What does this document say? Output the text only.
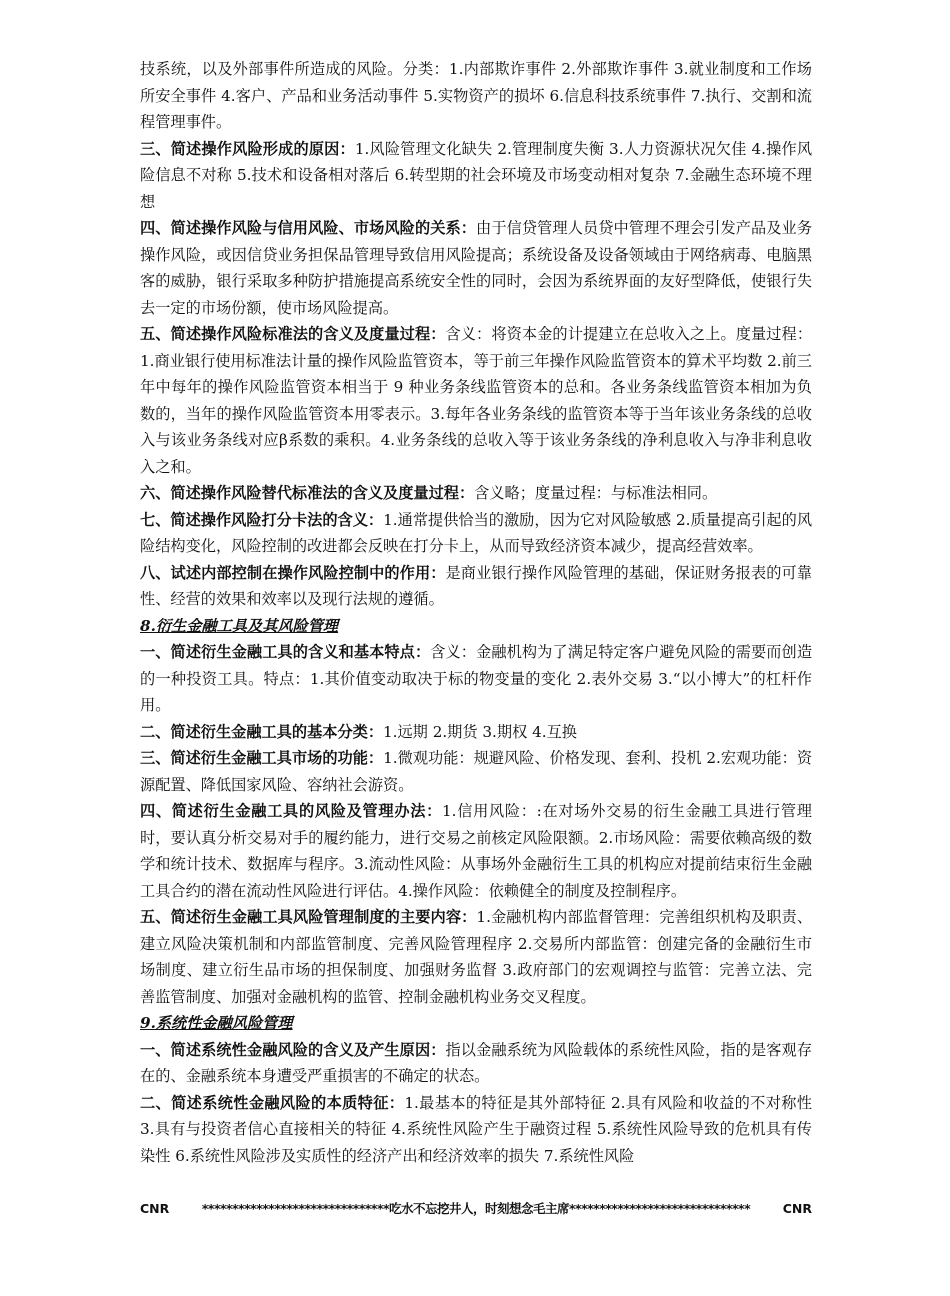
技系统，以及外部事件所造成的风险。分类：1.内部欺诈事件 2.外部欺诈事件 3.就业制度和工作场所安全事件 4.客户、产品和业务活动事件 5.实物资产的损坏 6.信息科技系统事件 7.执行、交割和流程管理事件。

三、简述操作风险形成的原因：1.风险管理文化缺失 2.管理制度失衡 3.人力资源状况欠佳 4.操作风险信息不对称 5.技术和设备相对落后 6.转型期的社会环境及市场变动相对复杂 7.金融生态环境不理想

四、简述操作风险与信用风险、市场风险的关系：由于信贷管理人员贷中管理不理会引发产品及业务操作风险，或因信贷业务担保品管理导致信用风险提高；系统设备及设备领域由于网络病毒、电脑黑客的威胁，银行采取多种防护措施提高系统安全性的同时，会因为系统界面的友好型降低，使银行失去一定的市场份额，使市场风险提高。

五、简述操作风险标准法的含义及度量过程：含义：将资本金的计提建立在总收入之上。度量过程：1.商业银行使用标准法计量的操作风险监管资本，等于前三年操作风险监管资本的算术平均数 2.前三年中每年的操作风险监管资本相当于 9 种业务条线监管资本的总和。各业务条线监管资本相加为负数的，当年的操作风险监管资本用零表示。3.每年各业务条线的监管资本等于当年该业务条线的总收入与该业务条线对应β系数的乘积。4.业务条线的总收入等于该业务条线的净利息收入与净非利息收入之和。

六、简述操作风险替代标准法的含义及度量过程：含义略；度量过程：与标准法相同。

七、简述操作风险打分卡法的含义：1.通常提供恰当的激励，因为它对风险敏感 2.质量提高引起的风险结构变化，风险控制的改进都会反映在打分卡上，从而导致经济资本减少，提高经营效率。

八、试述内部控制在操作风险控制中的作用：是商业银行操作风险管理的基础，保证财务报表的可靠性、经营的效果和效率以及现行法规的遵循。

8.衍生金融工具及其风险管理

一、简述衍生金融工具的含义和基本特点：含义：金融机构为了满足特定客户避免风险的需要而创造的一种投资工具。特点：1.其价值变动取决于标的物变量的变化 2.表外交易 3.“以小博大”的杠杆作用。

二、简述衍生金融工具的基本分类：1.远期 2.期货 3.期权 4.互换

三、简述衍生金融工具市场的功能：1.微观功能：规避风险、价格发现、套利、投机 2.宏观功能：资源配置、降低国家风险、容纳社会游资。

四、简述衍生金融工具的风险及管理办法：1.信用风险：:在对场外交易的衍生金融工具进行管理时，要认真分析交易对手的履约能力，进行交易之前核定风险限额。2.市场风险：需要依赖高级的数学和统计技术、数据库与程序。3.流动性风险：从事场外金融衍生工具的机构应对提前结束衍生金融工具合约的潜在流动性风险进行评估。4.操作风险：依赖健全的制度及控制程序。

五、简述衍生金融工具风险管理制度的主要内容：1.金融机构内部监督管理：完善组织机构及职责、建立风险决策机制和内部监管制度、完善风险管理程序 2.交易所内部监管：创建完备的金融衍生市场制度、建立衍生品市场的担保制度、加强财务监督 3.政府部门的宏观调控与监管：完善立法、完善监管制度、加强对金融机构的监管、控制金融机构业务交叉程度。

9.系统性金融风险管理

一、简述系统性金融风险的含义及产生原因：指以金融系统为风险载体的系统性风险，指的是客观存在的、金融系统本身遭受严重损害的不确定的状态。

二、简述系统性金融风险的本质特征：1.最基本的特征是其外部特征 2.具有风险和收益的不对称性 3.具有与投资者信心直接相关的特征 4.系统性风险产生于融资过程 5.系统性风险导致的危机具有传染性 6.系统性风险涉及实质性的经济产出和经济效率的损失 7.系统性风险

CNR	*******************************吃水不忘挖井人，时刻想念毛主席******************************	CNR
